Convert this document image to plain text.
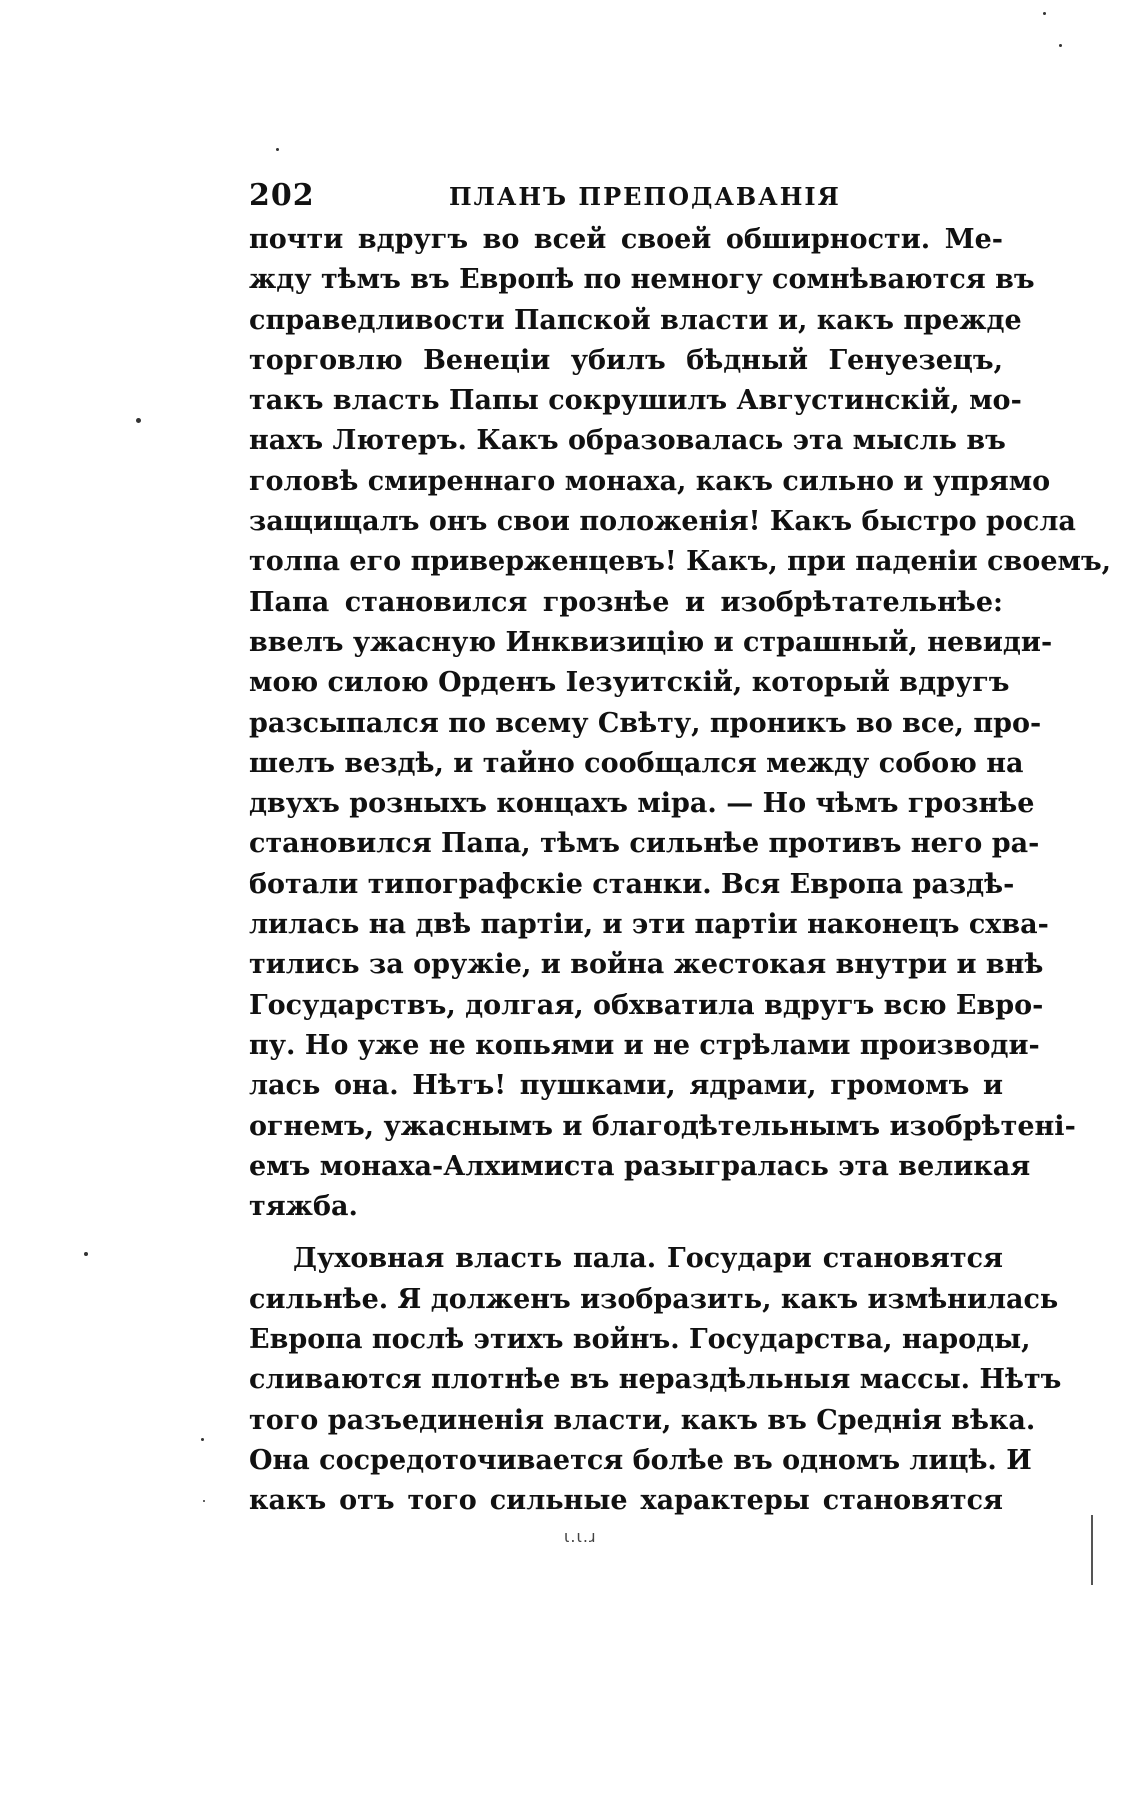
202	ПЛАНЪ ПРЕПОДАВАНІЯ
почти вдругъ во всей своей обширности. Ме-
жду тѣмъ въ Европѣ по немногу сомнѣваются въ
справедливости Папской власти и, какъ прежде
торговлю Венеціи убилъ бѣдный Генуезецъ,
такъ власть Папы сокрушилъ Августинскій, мо-
нахъ Лютеръ. Какъ образовалась эта мысль въ
головѣ смиреннаго монаха, какъ сильно и упрямо
защищалъ онъ свои положенія! Какъ быстро росла
толпа его приверженцевъ! Какъ, при паденіи своемъ,
Папа становился грознѣе и изобрѣтательнѣе:
ввелъ ужасную Инквизицію и страшный, невиди-
мою силою Орденъ Іезуитскій, который вдругъ
разсыпался по всему Свѣту, проникъ во все, про-
шелъ вездѣ, и тайно сообщался между собою на
двухъ розныхъ концахъ міра. — Но чѣмъ грознѣе
становился Папа, тѣмъ сильнѣе противъ него ра-
ботали типографскіе станки. Вся Европа раздѣ-
лилась на двѣ партіи, и эти партіи наконецъ схва-
тились за оружіе, и война жестокая внутри и внѣ
Государствъ, долгая, обхватила вдругъ всю Евро-
пу. Но уже не копьями и не стрѣлами производи-
лась она. Нѣтъ! пушками, ядрами, громомъ и
огнемъ, ужаснымъ и благодѣтельнымъ изобрѣтені-
емъ монаха-Алхимиста разыгралась эта великая
тяжба.
Духовная власть пала. Государи становятся
сильнѣе. Я долженъ изобразить, какъ измѣнилась
Европа послѣ этихъ войнъ. Государства, народы,
сливаются плотнѣе въ нераздѣльныя массы. Нѣтъ
того разъединенія власти, какъ въ Среднія вѣка.
Она сосредоточивается болѣе въ одномъ лицѣ. И
какъ отъ того сильные характеры становятся
ι.ι.ɹ
